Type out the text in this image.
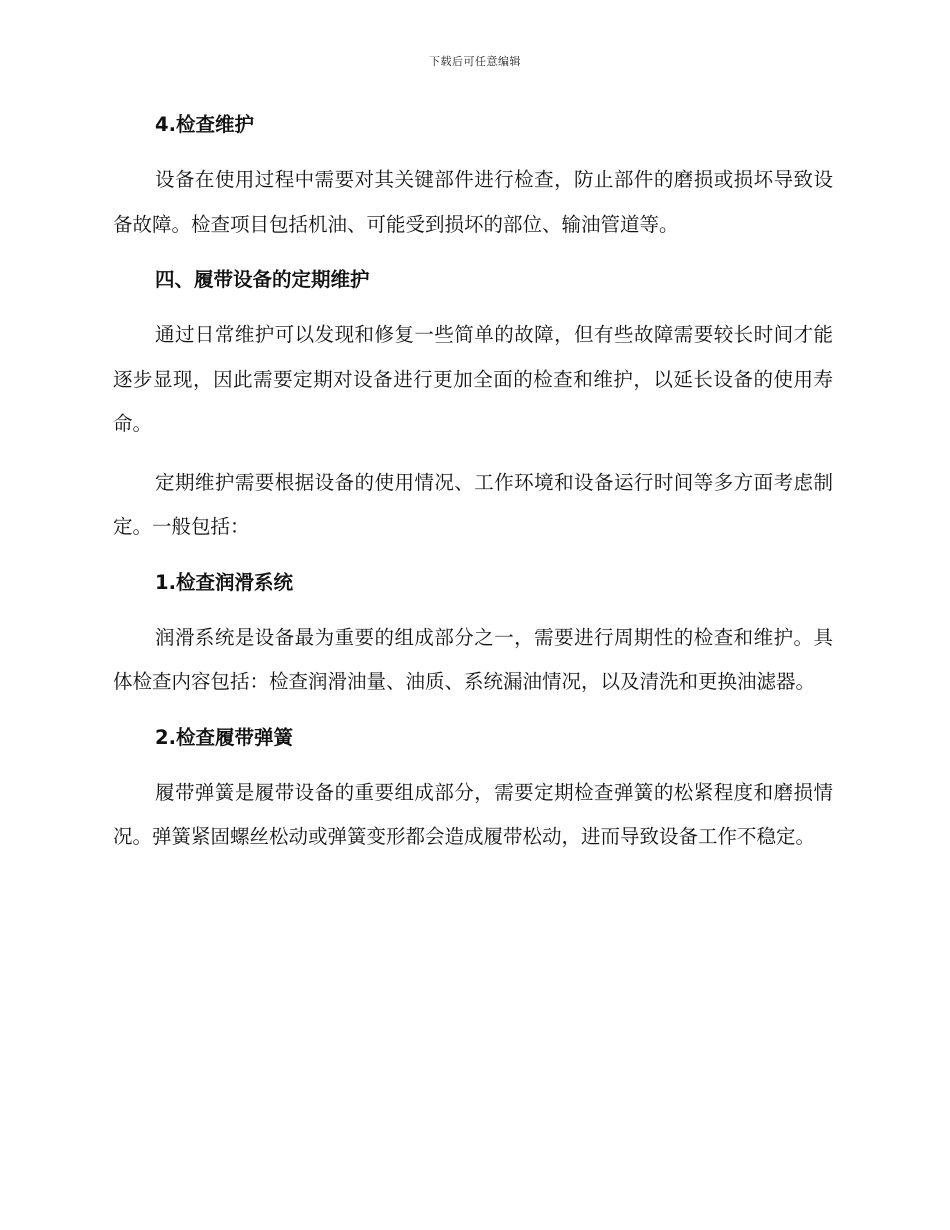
下载后可任意编辑

4.检查维护

设备在使用过程中需要对其关键部件进行检查，防止部件的磨损或损坏导致设备故障。检查项目包括机油、可能受到损坏的部位、输油管道等。

四、履带设备的定期维护

通过日常维护可以发现和修复一些简单的故障，但有些故障需要较长时间才能逐步显现，因此需要定期对设备进行更加全面的检查和维护，以延长设备的使用寿命。

定期维护需要根据设备的使用情况、工作环境和设备运行时间等多方面考虑制定。一般包括：

1.检查润滑系统

润滑系统是设备最为重要的组成部分之一，需要进行周期性的检查和维护。具体检查内容包括：检查润滑油量、油质、系统漏油情况，以及清洗和更换油滤器。

2.检查履带弹簧

履带弹簧是履带设备的重要组成部分，需要定期检查弹簧的松紧程度和磨损情况。弹簧紧固螺丝松动或弹簧变形都会造成履带松动，进而导致设备工作不稳定。
